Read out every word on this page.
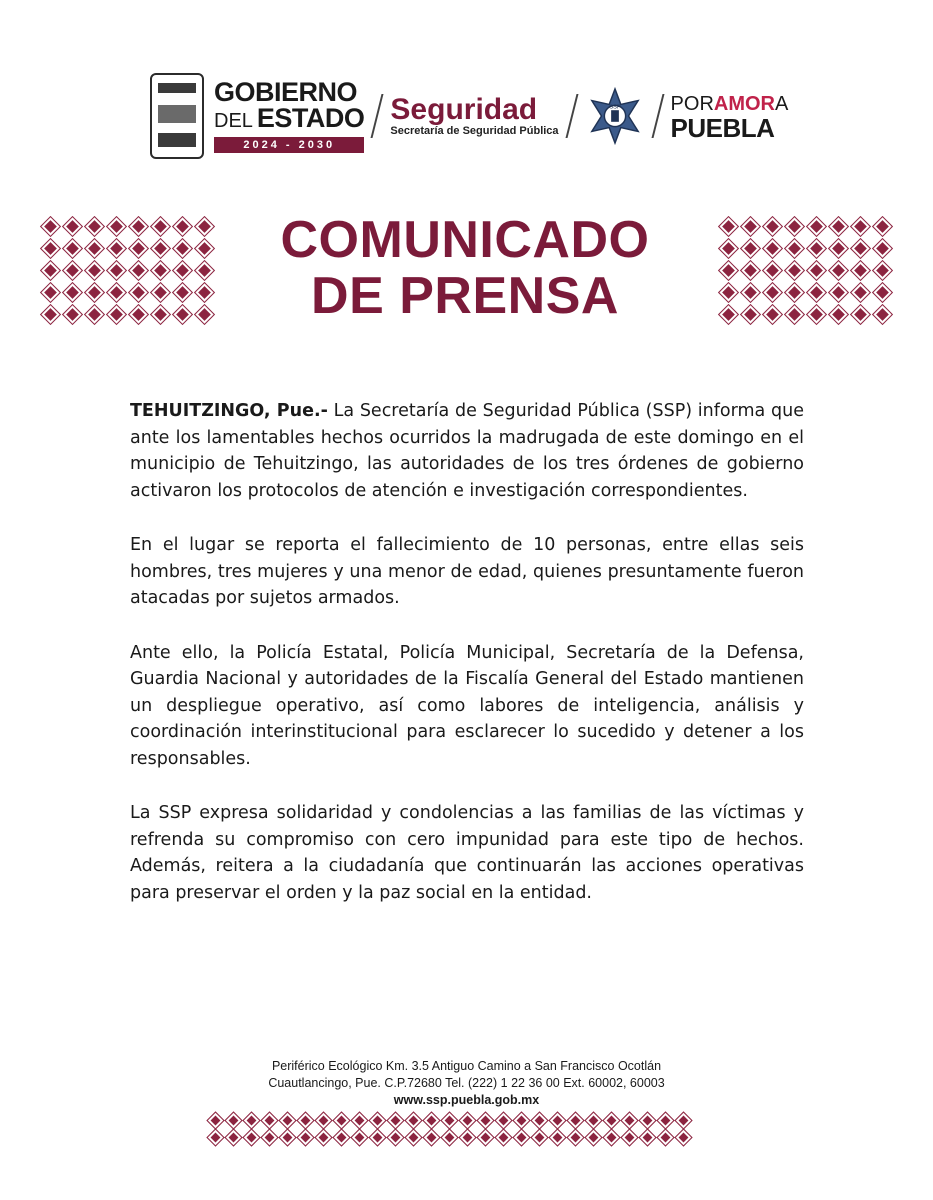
GOBIERNO
DEL ESTADO
2024 - 2030
Seguridad
Secretaría de Seguridad Pública
SSP	PORAMORA
PUEBLA
COMUNICADO
DE PRENSA

TEHUITZINGO, Pue.- La Secretaría de Seguridad Pública (SSP) informa que ante los lamentables hechos ocurridos la madrugada de este domingo en el municipio de Tehuitzingo, las autoridades de los tres órdenes de gobierno activaron los protocolos de atención e investigación correspondientes.

En el lugar se reporta el fallecimiento de 10 personas, entre ellas seis hombres, tres mujeres y una menor de edad, quienes presuntamente fueron atacadas por sujetos armados.

Ante ello, la Policía Estatal, Policía Municipal, Secretaría de la Defensa, Guardia Nacional y autoridades de la Fiscalía General del Estado mantienen un despliegue operativo, así como labores de inteligencia, análisis y coordinación interinstitucional para esclarecer lo sucedido y detener a los responsables.

La SSP expresa solidaridad y condolencias a las familias de las víctimas y refrenda su compromiso con cero impunidad para este tipo de hechos. Además, reitera a la ciudadanía que continuarán las acciones operativas para preservar el orden y la paz social en la entidad.

Periférico Ecológico Km. 3.5 Antiguo Camino a San Francisco Ocotlán
Cuautlancingo, Pue. C.P.72680 Tel. (222) 1 22 36 00 Ext. 60002, 60003
www.ssp.puebla.gob.mx
